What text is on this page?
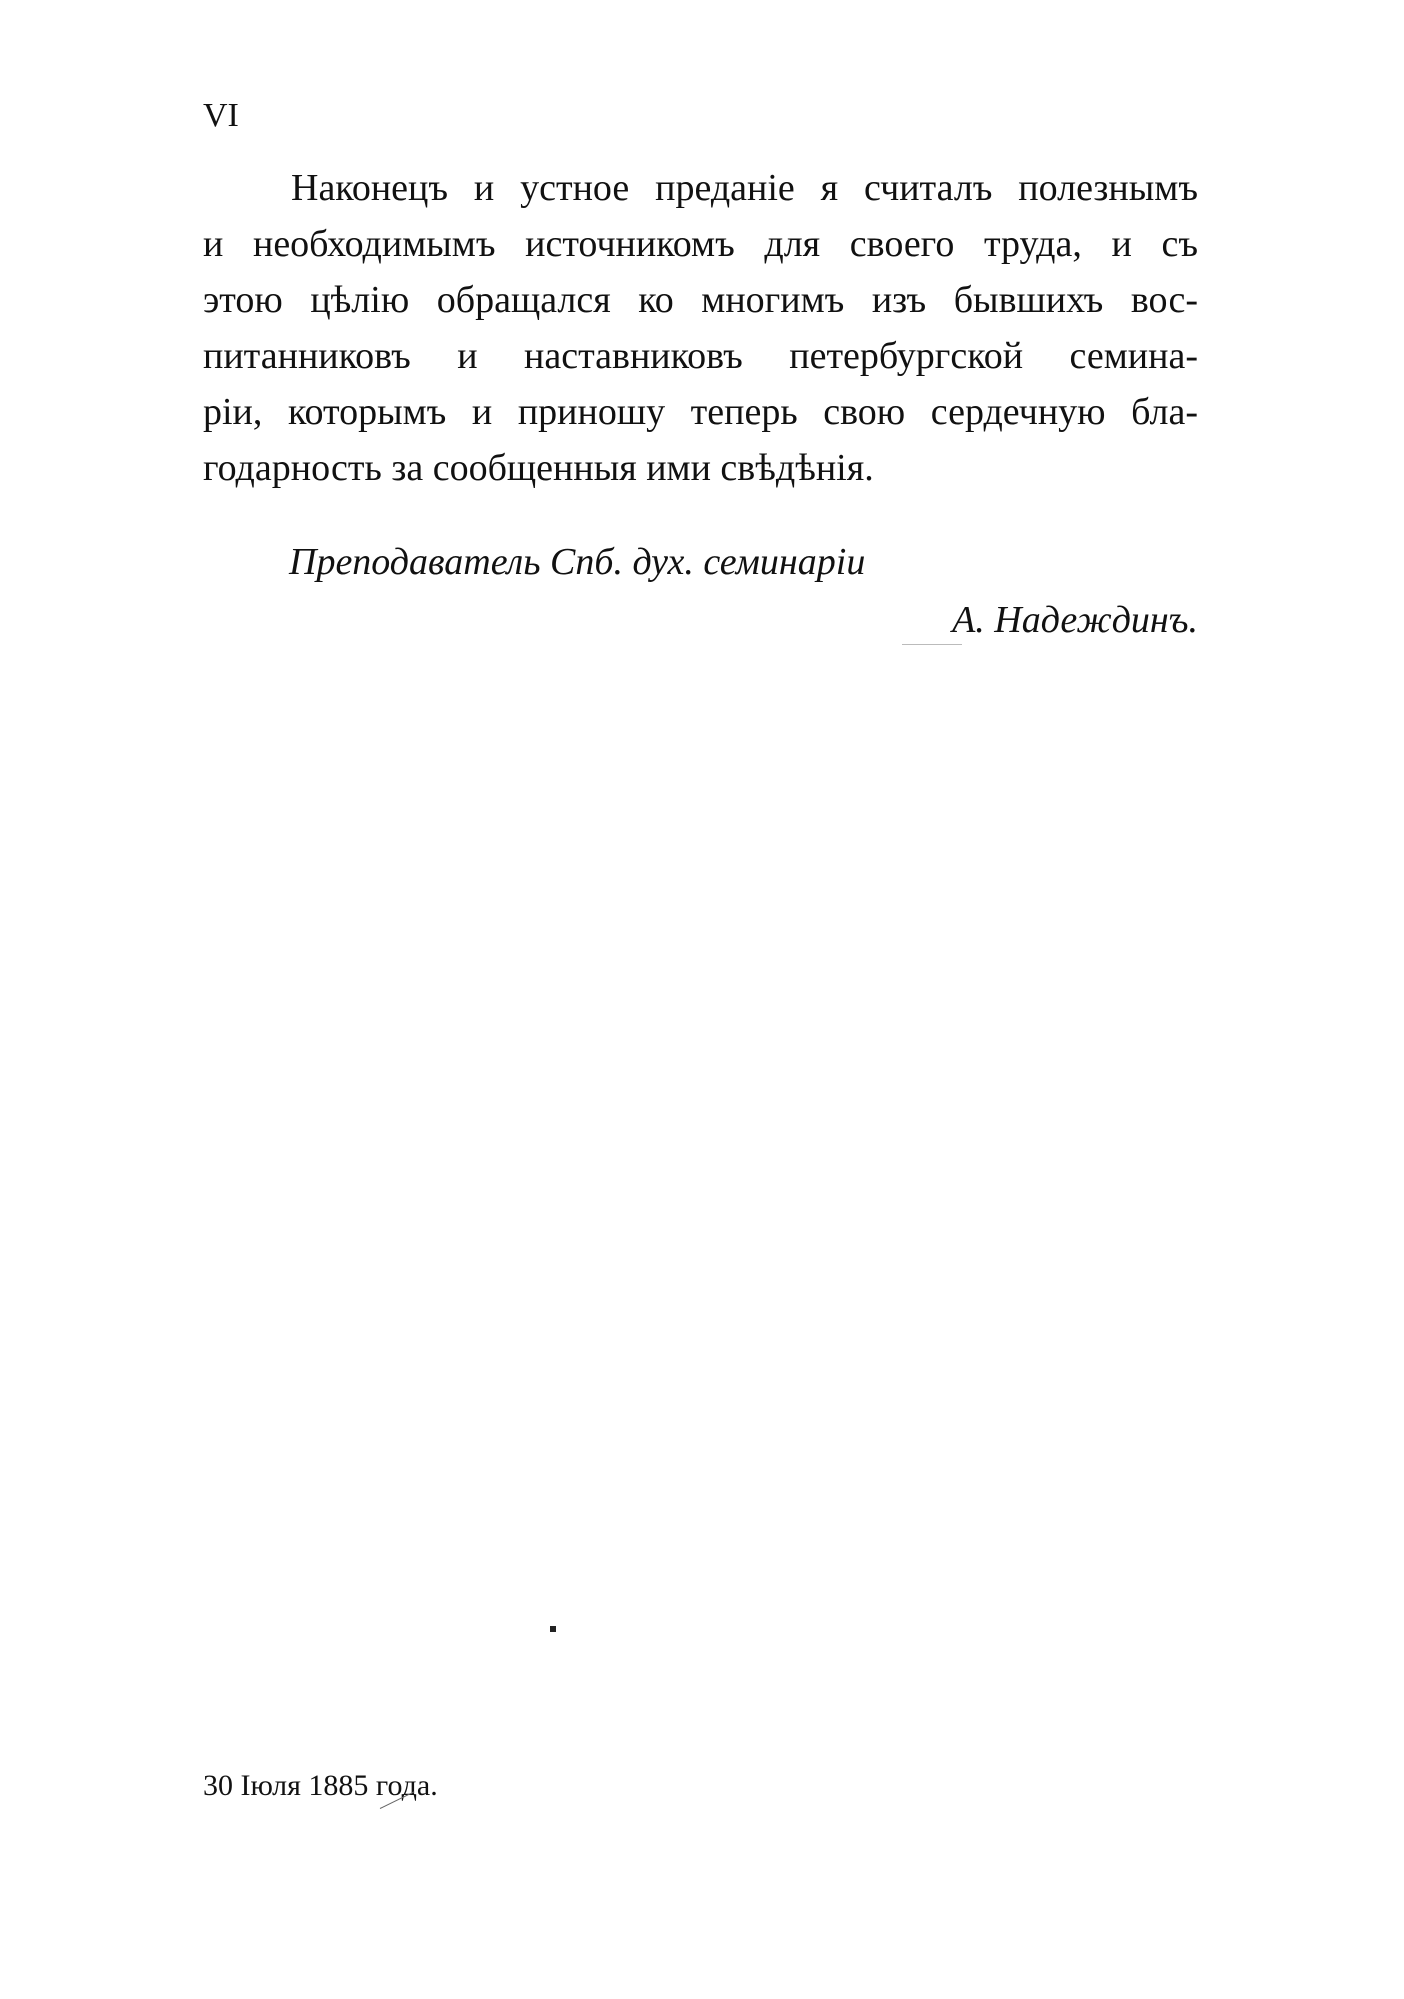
VI
Наконецъ и устное преданіе я считалъ полезнымъ
и необходимымъ источникомъ для своего труда, и съ
этою цѣлію обращался ко многимъ изъ бывшихъ вос-
питанниковъ и наставниковъ петербургской семина-
ріи, которымъ и приношу теперь свою сердечную бла-
годарность за сообщенныя ими свѣдѣнія.
Преподаватель Спб. дух. семинаріи
А. Надеждинъ.
30 Іюля 1885 года.
